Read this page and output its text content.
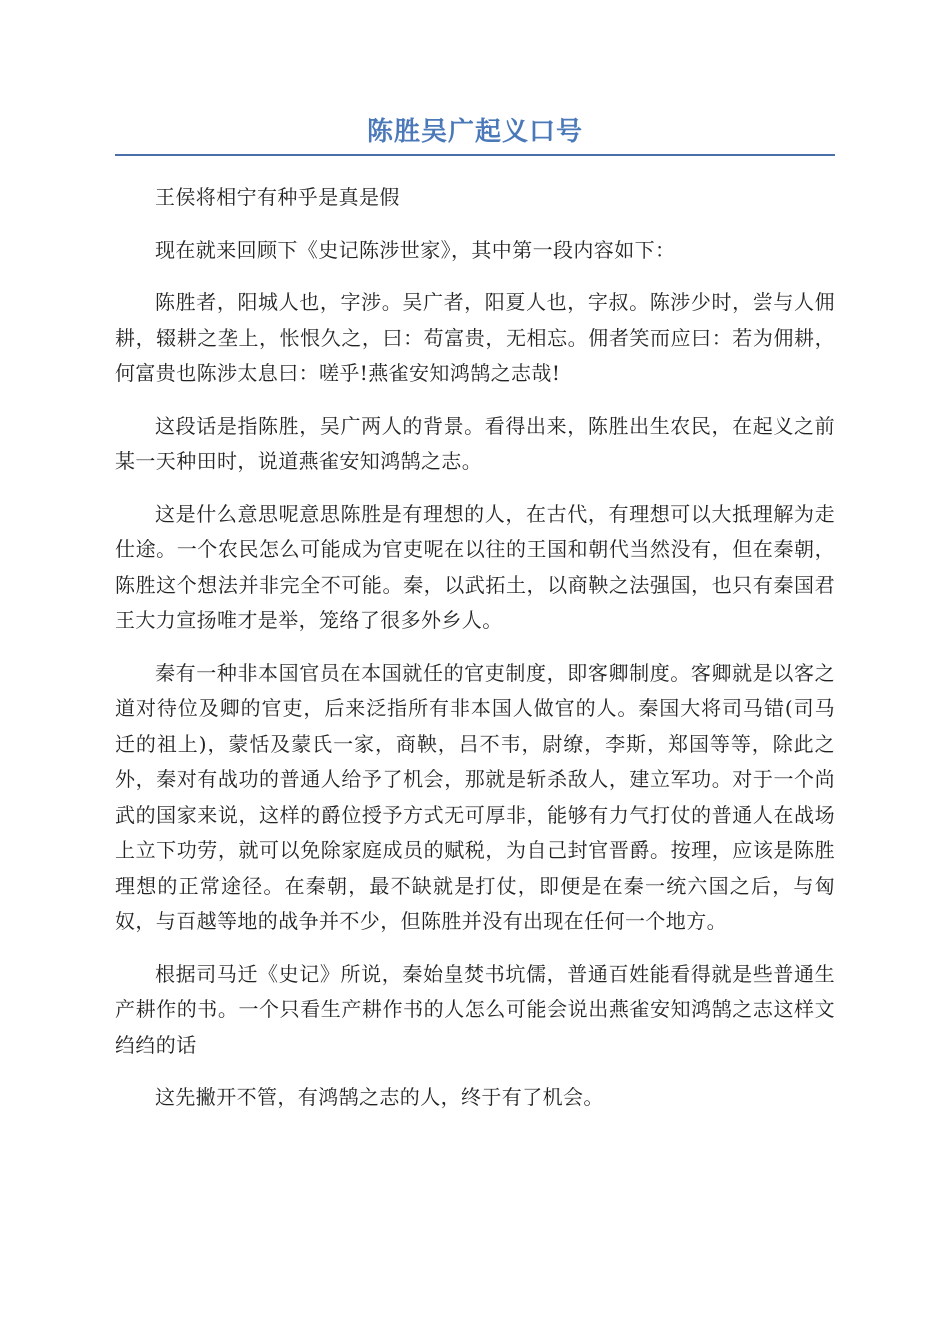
陈胜吴广起义口号

王侯将相宁有种乎是真是假

现在就来回顾下《史记陈涉世家》，其中第一段内容如下：

陈胜者，阳城人也，字涉。吴广者，阳夏人也，字叔。陈涉少时，尝与人佣耕，辍耕之垄上，怅恨久之，曰：苟富贵，无相忘。佣者笑而应曰：若为佣耕，何富贵也陈涉太息曰：嗟乎!燕雀安知鸿鹄之志哉!

这段话是指陈胜，吴广两人的背景。看得出来，陈胜出生农民，在起义之前某一天种田时，说道燕雀安知鸿鹄之志。

这是什么意思呢意思陈胜是有理想的人，在古代，有理想可以大抵理解为走仕途。一个农民怎么可能成为官吏呢在以往的王国和朝代当然没有，但在秦朝，陈胜这个想法并非完全不可能。秦，以武拓土，以商鞅之法强国，也只有秦国君王大力宣扬唯才是举，笼络了很多外乡人。

秦有一种非本国官员在本国就任的官吏制度，即客卿制度。客卿就是以客之道对待位及卿的官吏，后来泛指所有非本国人做官的人。秦国大将司马错(司马迁的祖上)，蒙恬及蒙氏一家，商鞅，吕不韦，尉缭，李斯，郑国等等，除此之外，秦对有战功的普通人给予了机会，那就是斩杀敌人，建立军功。对于一个尚武的国家来说，这样的爵位授予方式无可厚非，能够有力气打仗的普通人在战场上立下功劳，就可以免除家庭成员的赋税，为自己封官晋爵。按理，应该是陈胜理想的正常途径。在秦朝，最不缺就是打仗，即便是在秦一统六国之后，与匈奴，与百越等地的战争并不少，但陈胜并没有出现在任何一个地方。

根据司马迁《史记》所说，秦始皇焚书坑儒，普通百姓能看得就是些普通生产耕作的书。一个只看生产耕作书的人怎么可能会说出燕雀安知鸿鹄之志这样文绉绉的话

这先撇开不管，有鸿鹄之志的人，终于有了机会。
